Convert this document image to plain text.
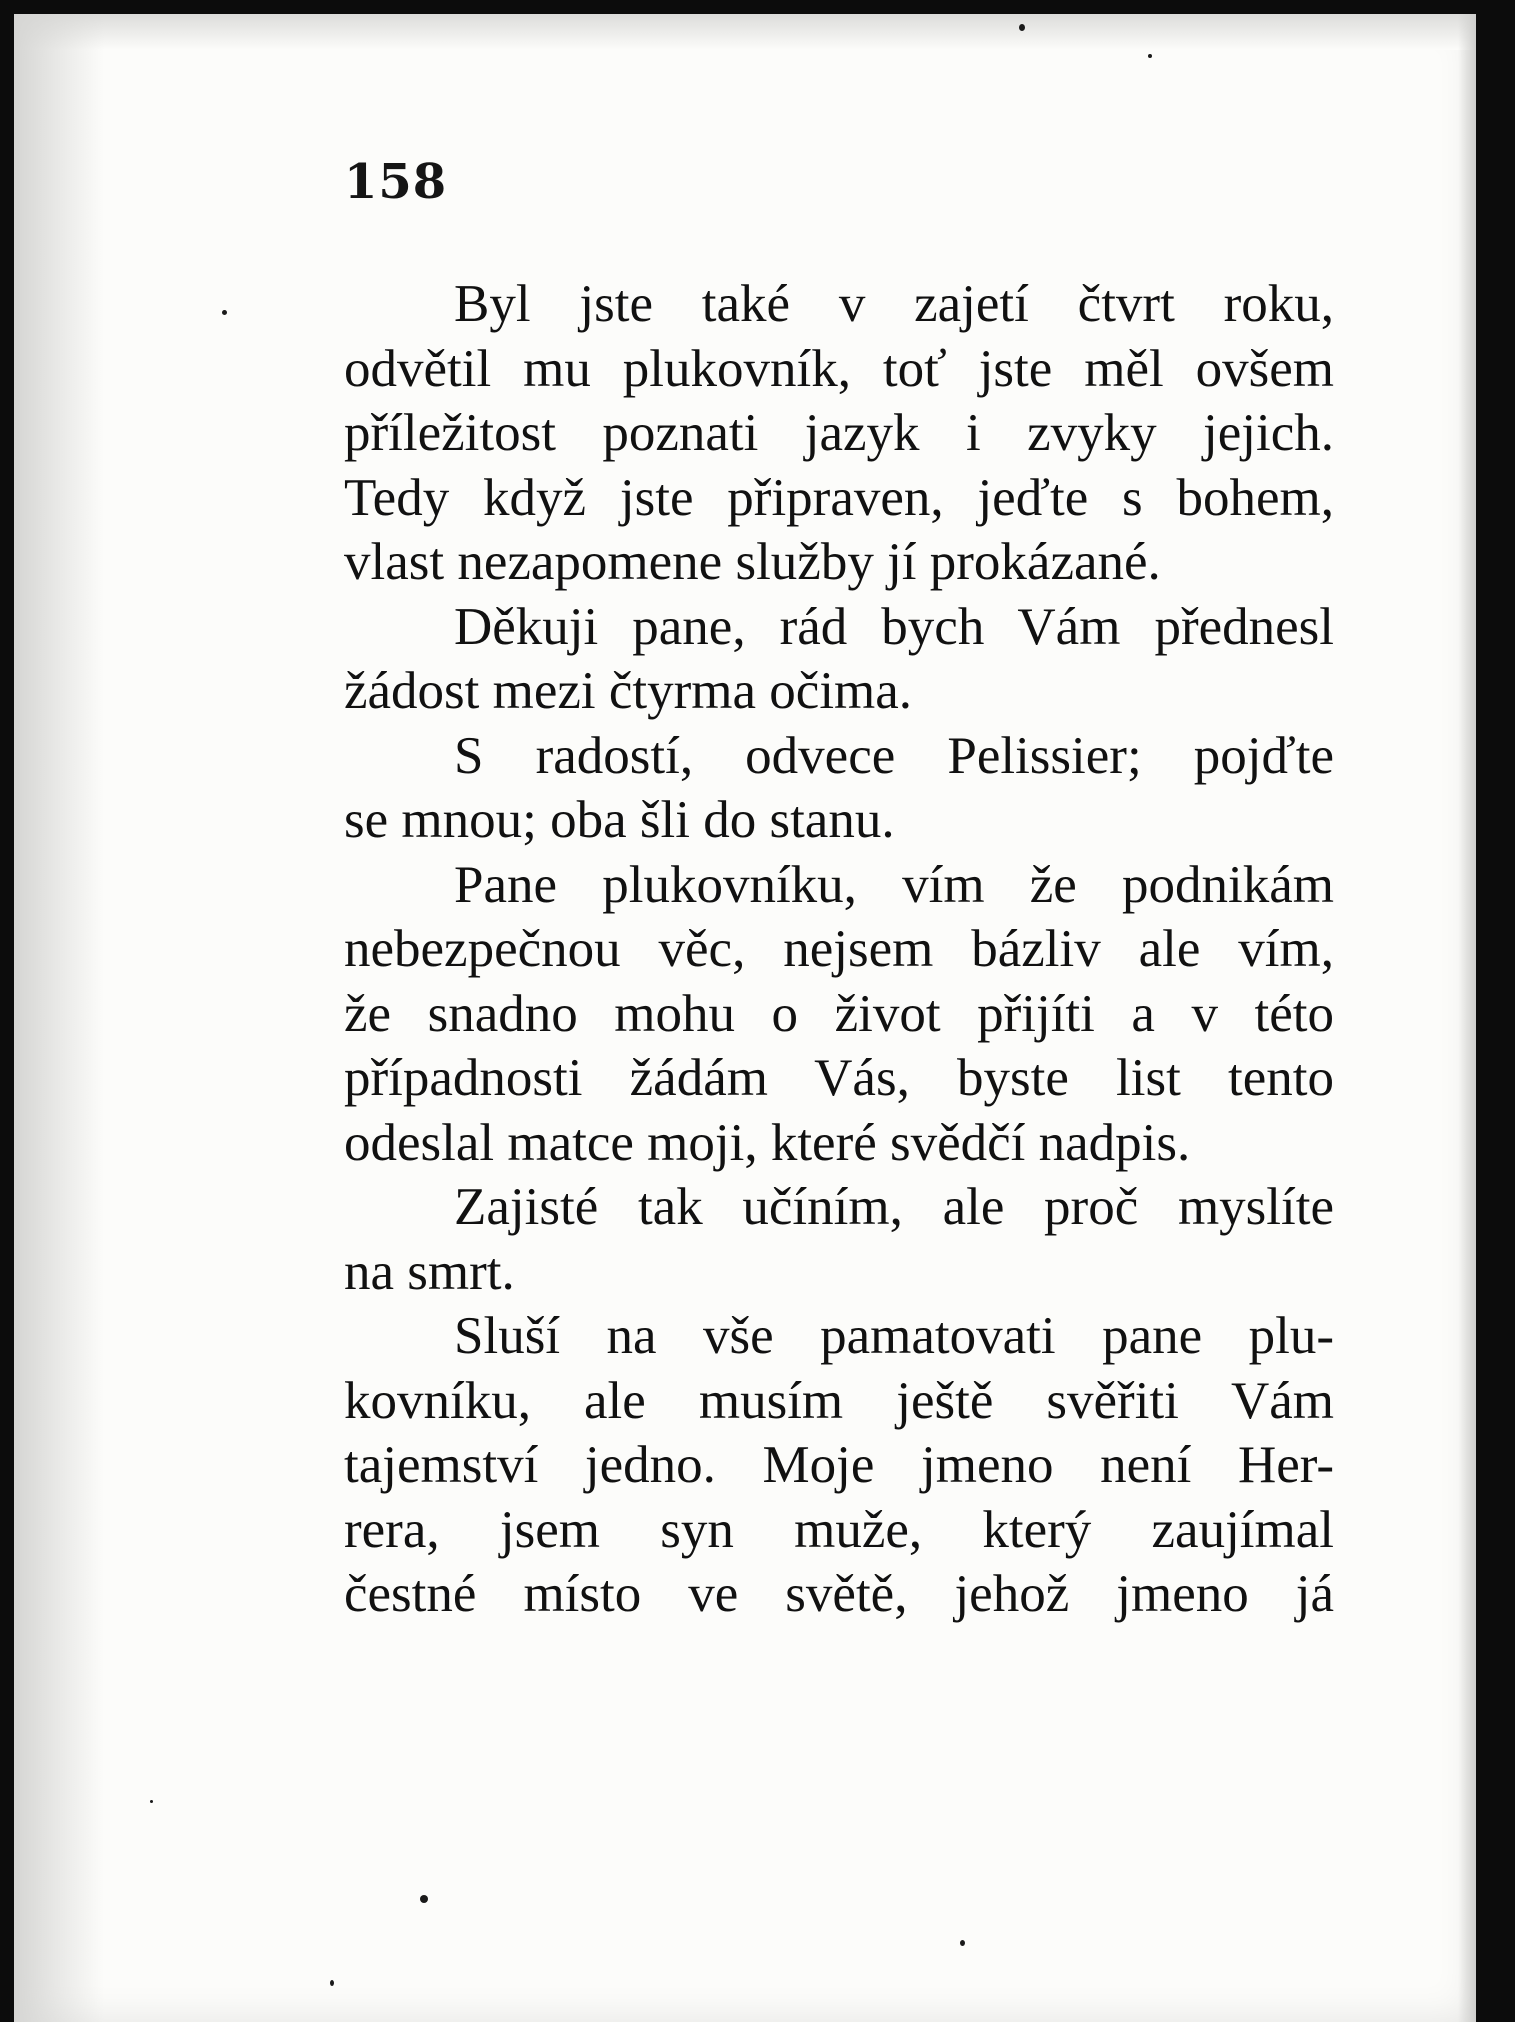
158
Byl jste také v zajetí čtvrt roku,
odvětil mu plukovník, toť jste měl ovšem
příležitost poznati jazyk i zvyky jejich.
Tedy když jste připraven, jeďte s bohem,
vlast nezapomene služby jí prokázané.
Děkuji pane, rád bych Vám přednesl
žádost mezi čtyrma očima.
S radostí, odvece Pelissier; pojďte
se mnou; oba šli do stanu.
Pane plukovníku, vím že podnikám
nebezpečnou věc, nejsem bázliv ale vím,
že snadno mohu o život přijíti a v této
případnosti žádám Vás, byste list tento
odeslal matce moji, které svědčí nadpis.
Zajisté tak učíním, ale proč myslíte
na smrt.
Sluší na vše pamatovati pane plu-
kovníku, ale musím ještě svěřiti Vám
tajemství jedno. Moje jmeno není Her-
rera, jsem syn muže, který zaujímal
čestné místo ve světě, jehož jmeno já
